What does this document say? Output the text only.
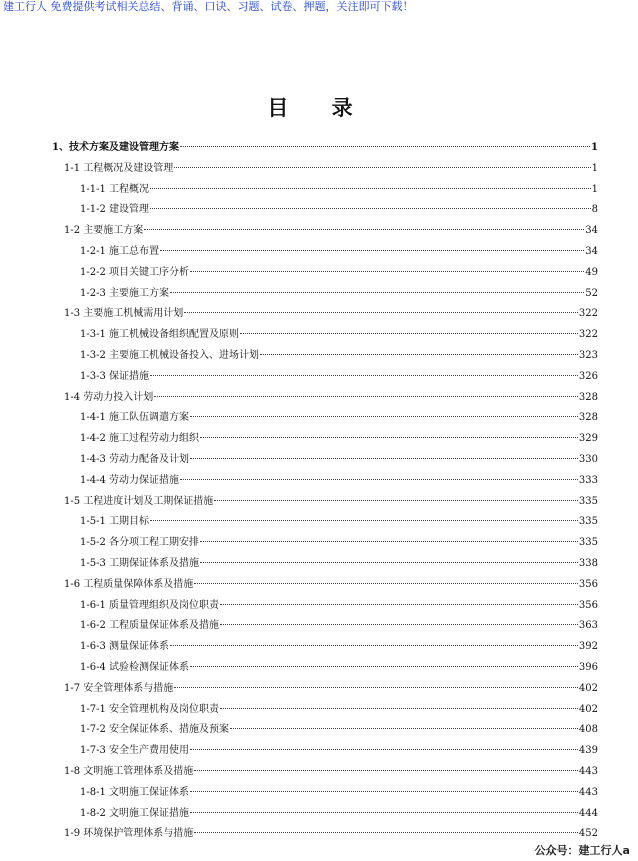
建工行人 免费提供考试相关总结、背诵、口诀、习题、试卷、押题，关注即可下载！
目 录
1、技术方案及建设管理方案	1
1-1 工程概况及建设管理	1
1-1-1 工程概况	1
1-1-2 建设管理	8
1-2 主要施工方案	34
1-2-1 施工总布置	34
1-2-2 项目关键工序分析	49
1-2-3 主要施工方案	52
1-3 主要施工机械需用计划	322
1-3-1 施工机械设备组织配置及原则	322
1-3-2 主要施工机械设备投入、进场计划	323
1-3-3 保证措施	326
1-4 劳动力投入计划	328
1-4-1 施工队伍调遣方案	328
1-4-2 施工过程劳动力组织	329
1-4-3 劳动力配备及计划	330
1-4-4 劳动力保证措施	333
1-5 工程进度计划及工期保证措施	335
1-5-1 工期目标	335
1-5-2 各分项工程工期安排	335
1-5-3 工期保证体系及措施	338
1-6 工程质量保障体系及措施	356
1-6-1 质量管理组织及岗位职责	356
1-6-2 工程质量保证体系及措施	363
1-6-3 测量保证体系	392
1-6-4 试验检测保证体系	396
1-7 安全管理体系与措施	402
1-7-1 安全管理机构及岗位职责	402
1-7-2 安全保证体系、措施及预案	408
1-7-3 安全生产费用使用	439
1-8 文明施工管理体系及措施	443
1-8-1 文明施工保证体系	443
1-8-2 文明施工保证措施	444
1-9 环境保护管理体系与措施	452
公众号：建工行人a
